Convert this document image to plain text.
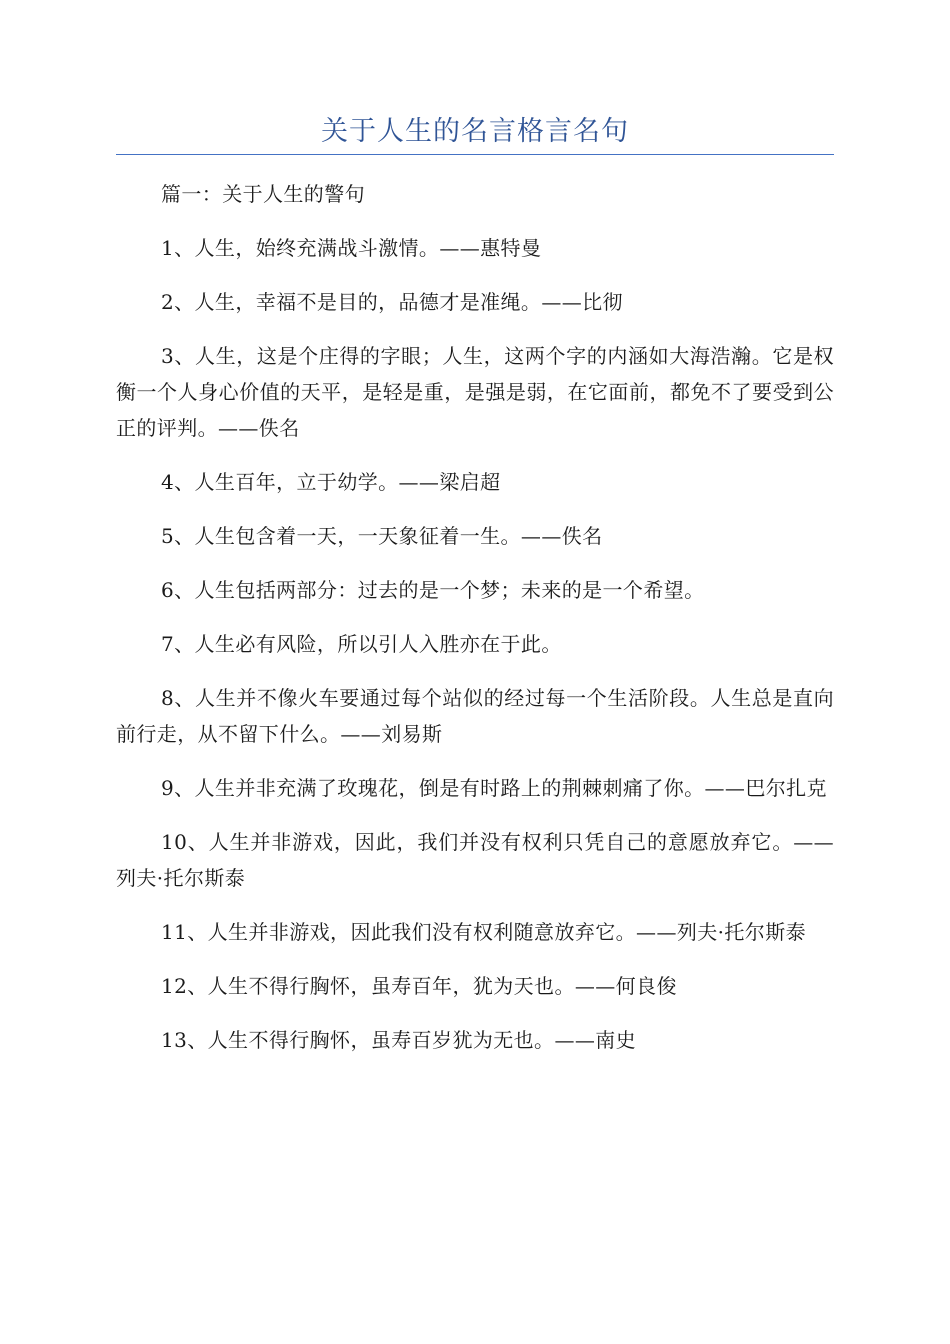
关于人生的名言格言名句

篇一：关于人生的警句

1、人生，始终充满战斗激情。——惠特曼

2、人生，幸福不是目的，品德才是准绳。——比彻

3、人生，这是个庄得的字眼；人生，这两个字的内涵如大海浩瀚。它是权衡一个人身心价值的天平，是轻是重，是强是弱，在它面前，都免不了要受到公正的评判。——佚名

4、人生百年，立于幼学。——梁启超

5、人生包含着一天，一天象征着一生。——佚名

6、人生包括两部分：过去的是一个梦；未来的是一个希望。

7、人生必有风险，所以引人入胜亦在于此。

8、人生并不像火车要通过每个站似的经过每一个生活阶段。人生总是直向前行走，从不留下什么。——刘易斯

9、人生并非充满了玫瑰花，倒是有时路上的荆棘刺痛了你。——巴尔扎克

10、人生并非游戏，因此，我们并没有权利只凭自己的意愿放弃它。——列夫·托尔斯泰

11、人生并非游戏，因此我们没有权利随意放弃它。——列夫·托尔斯泰

12、人生不得行胸怀，虽寿百年，犹为天也。——何良俊

13、人生不得行胸怀，虽寿百岁犹为无也。——南史
